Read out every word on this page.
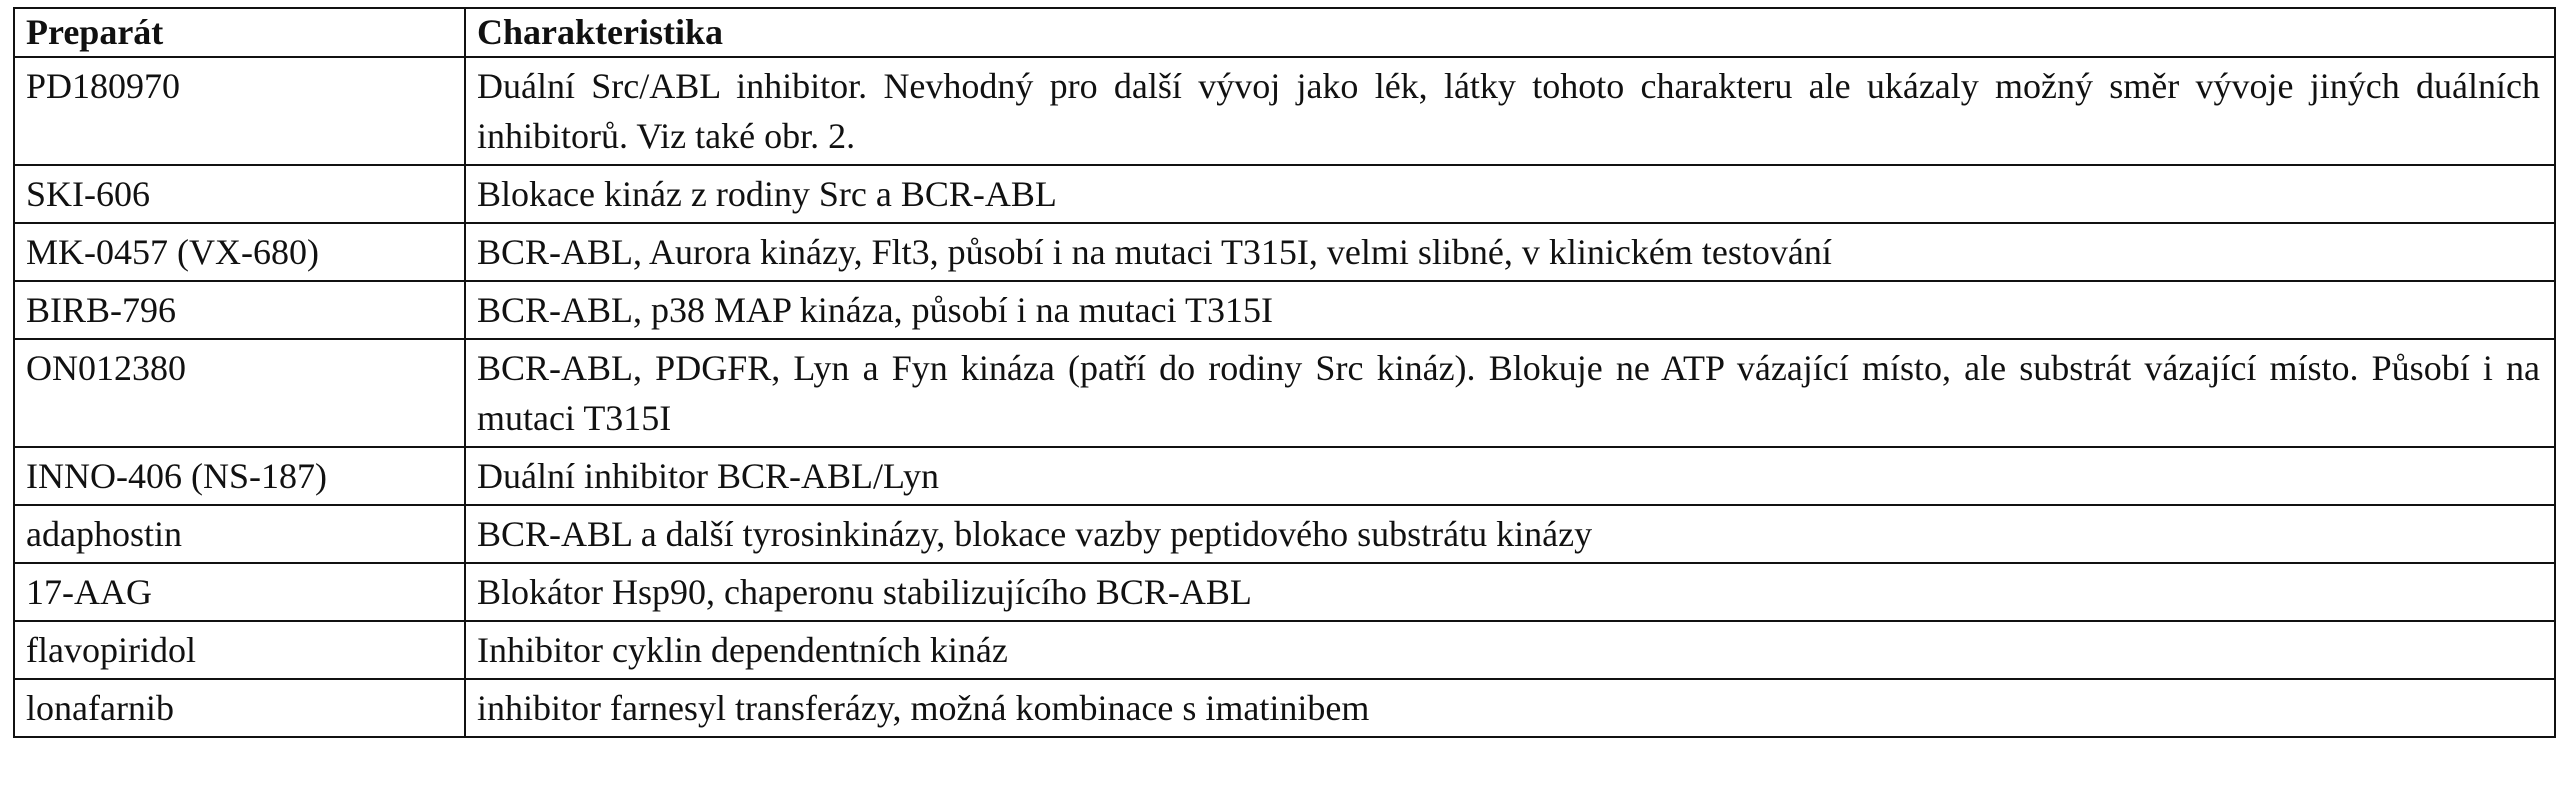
Preparát	Charakteristika
PD180970	Duální Src/ABL inhibitor. Nevhodný pro další vývoj jako lék, látky tohoto charakteru ale ukázaly možný směr vývoje jiných duálních inhibitorů. Viz také obr. 2.
SKI-606	Blokace kináz z rodiny Src a BCR-ABL
MK-0457 (VX-680)	BCR-ABL, Aurora kinázy, Flt3, působí i na mutaci T315I, velmi slibné, v klinickém testování
BIRB-796	BCR-ABL, p38 MAP kináza, působí i na mutaci T315I
ON012380	BCR-ABL, PDGFR, Lyn a Fyn kináza (patří do rodiny Src kináz). Blokuje ne ATP vázající místo, ale substrát vázající místo. Působí i na mutaci T315I
INNO-406 (NS-187)	Duální inhibitor BCR-ABL/Lyn
adaphostin	BCR-ABL a další tyrosinkinázy, blokace vazby peptidového substrátu kinázy
17-AAG	Blokátor Hsp90, chaperonu stabilizujícího BCR-ABL
flavopiridol	Inhibitor cyklin dependentních kináz
lonafarnib	inhibitor farnesyl transferázy, možná kombinace s imatinibem
